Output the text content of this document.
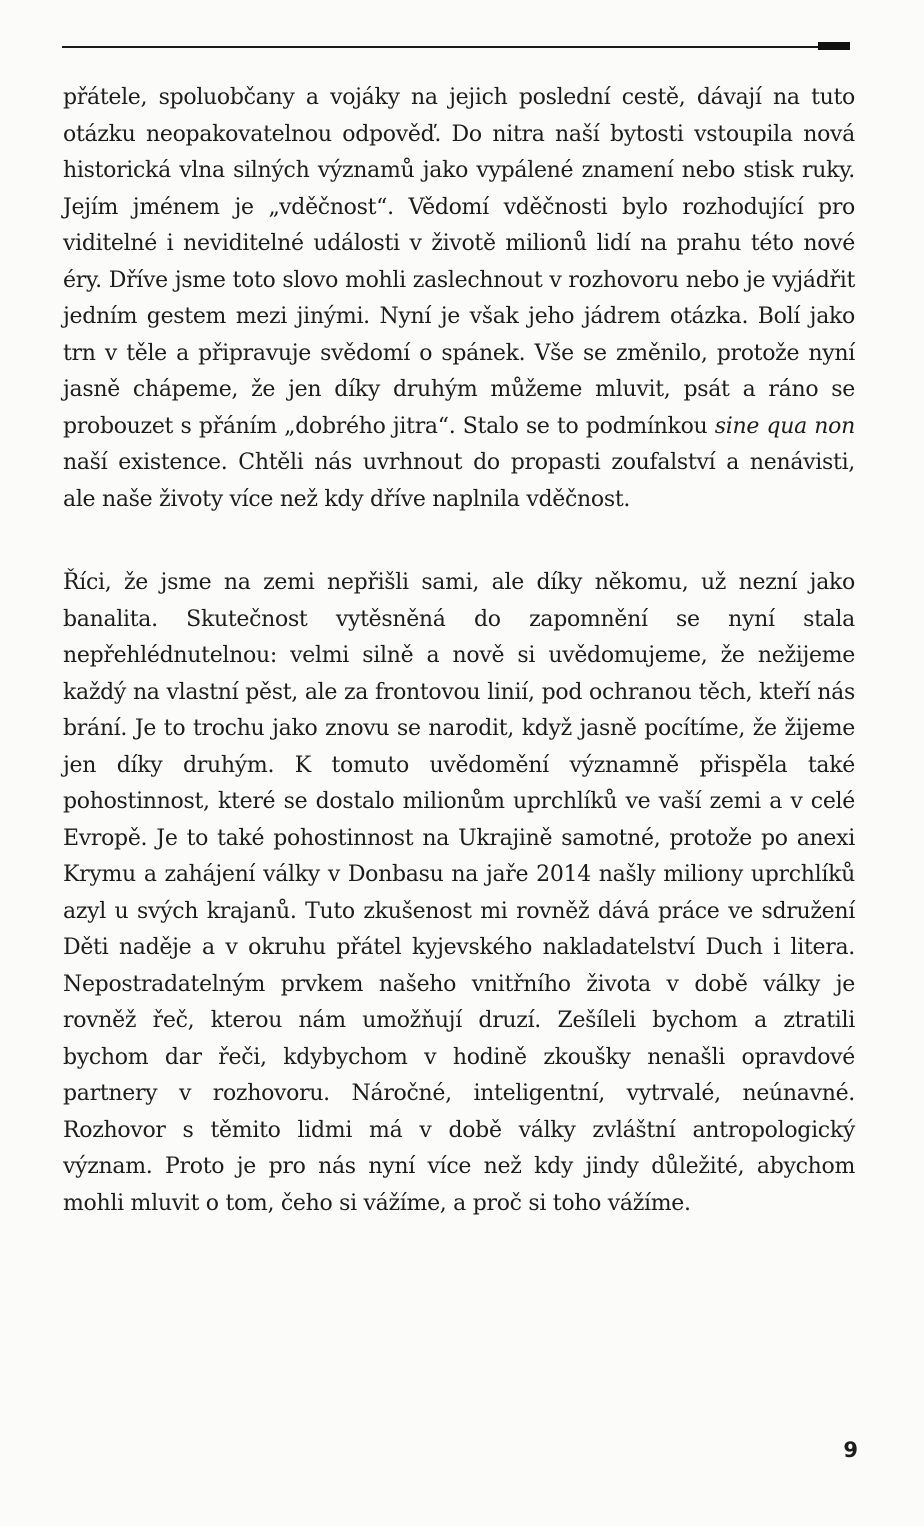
přátele, spoluobčany a vojáky na jejich poslední cestě, dávají na tuto otázku neopakovatelnou odpověď. Do nitra naší bytosti vstoupila nová historická vlna silných významů jako vypálené znamení nebo stisk ruky. Jejím jménem je „vděčnost“. Vědomí vděčnosti bylo rozhodující pro viditelné i neviditelné události v životě milionů lidí na prahu této nové éry. Dříve jsme toto slovo mohli zaslechnout v rozhovoru nebo je vyjádřit jedním gestem mezi jinými. Nyní je však jeho jádrem otázka. Bolí jako trn v těle a připravuje svědomí o spánek. Vše se změnilo, protože nyní jasně chápeme, že jen díky druhým můžeme mluvit, psát a ráno se probouzet s přáním „dobrého jitra“. Stalo se to podmínkou sine qua non naší existence. Chtěli nás uvrhnout do propasti zoufalství a nenávisti, ale naše životy více než kdy dříve naplnila vděčnost.

Říci, že jsme na zemi nepřišli sami, ale díky někomu, už nezní jako banalita. Skutečnost vytěsněná do zapomnění se nyní stala nepřehlédnutelnou: velmi silně a nově si uvědomujeme, že nežijeme každý na vlastní pěst, ale za frontovou linií, pod ochranou těch, kteří nás brání. Je to trochu jako znovu se narodit, když jasně pocítíme, že žijeme jen díky druhým. K tomuto uvědomění významně přispěla také pohostinnost, které se dostalo milionům uprchlíků ve vaší zemi a v celé Evropě. Je to také pohostinnost na Ukrajině samotné, protože po anexi Krymu a zahájení války v Donbasu na jaře 2014 našly miliony uprchlíků azyl u svých krajanů. Tuto zkušenost mi rovněž dává práce ve sdružení Děti naděje a v okruhu přátel kyjevského nakladatelství Duch i litera. Nepostradatelným prvkem našeho vnitřního života v době války je rovněž řeč, kterou nám umožňují druzí. Zešíleli bychom a ztratili bychom dar řeči, kdybychom v hodině zkoušky nenašli opravdové partnery v rozhovoru. Náročné, inteligentní, vytrvalé, neúnavné. Rozhovor s těmito lidmi má v době války zvláštní antropologický význam. Proto je pro nás nyní více než kdy jindy důležité, abychom mohli mluvit o tom, čeho si vážíme, a proč si toho vážíme.

9
